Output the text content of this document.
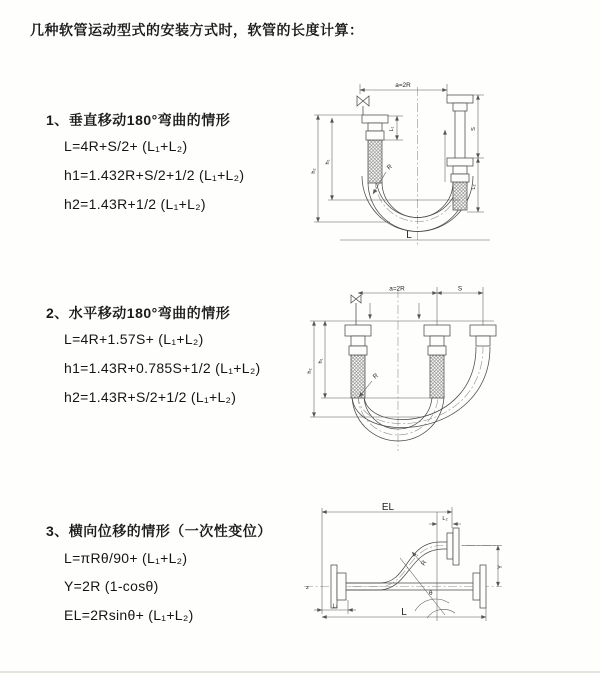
几种软管运动型式的安装方式时，软管的长度计算：
1、垂直移动180°弯曲的情形
L=4R+S/2+ (L₁+L₂)
h1=1.432R+S/2+1/2 (L₁+L₂)
h2=1.43R+1/2 (L₁+L₂)
2、水平移动180°弯曲的情形
L=4R+1.57S+ (L₁+L₂)
h1=1.43R+0.785S+1/2 (L₁+L₂)
h2=1.43R+S/2+1/2 (L₁+L₂)
3、横向位移的情形（一次性变位）
L=πRθ/90+ (L₁+L₂)
Y=2R (1-cosθ)
EL=2Rsinθ+ (L₁+L₂)
a=2R
L₁
h₁
h₂
S
L₂
R
L
a=2R	S
h₁
h₂
R
EL
L₂
Y
L₁
L
R
θ
z
